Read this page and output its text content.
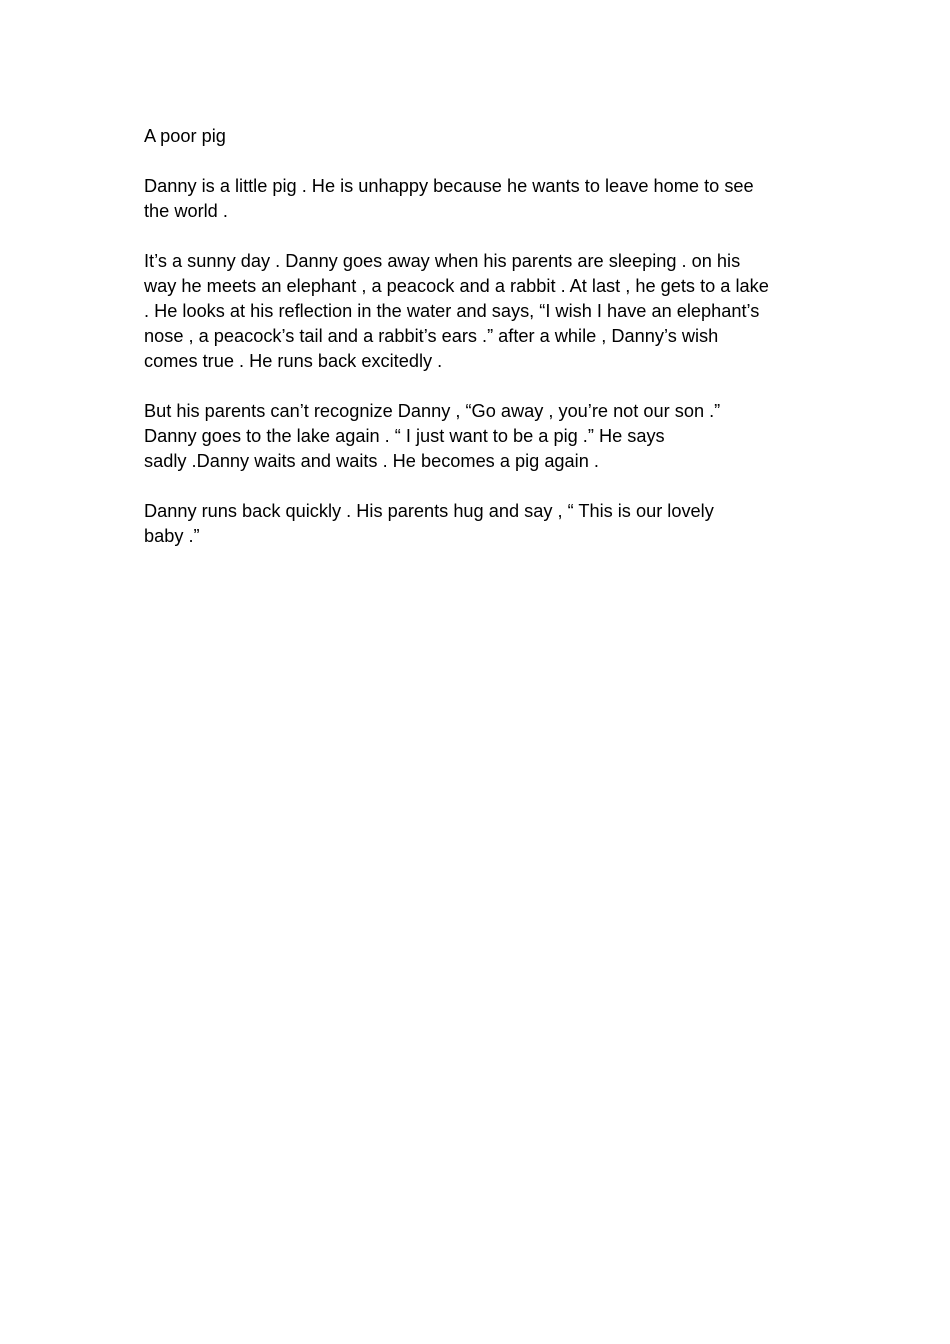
A poor pig
Danny is a little pig . He is unhappy because he wants to leave home to see
the world .
It’s a sunny day . Danny goes away when his parents are sleeping . on his
way he meets an elephant , a peacock and a rabbit . At last , he gets to a lake
. He looks at his reflection in the water and says, “I wish I have an elephant’s
nose , a peacock’s tail and a rabbit’s ears .” after a while , Danny’s wish
comes true . He runs back excitedly .
But his parents can’t recognize Danny , “Go away , you’re not our son .”
Danny goes to the lake again . “ I just want to be a pig .” He says
sadly .Danny waits and waits . He becomes a pig again .
Danny runs back quickly . His parents hug and say , “ This is our lovely
baby .”
